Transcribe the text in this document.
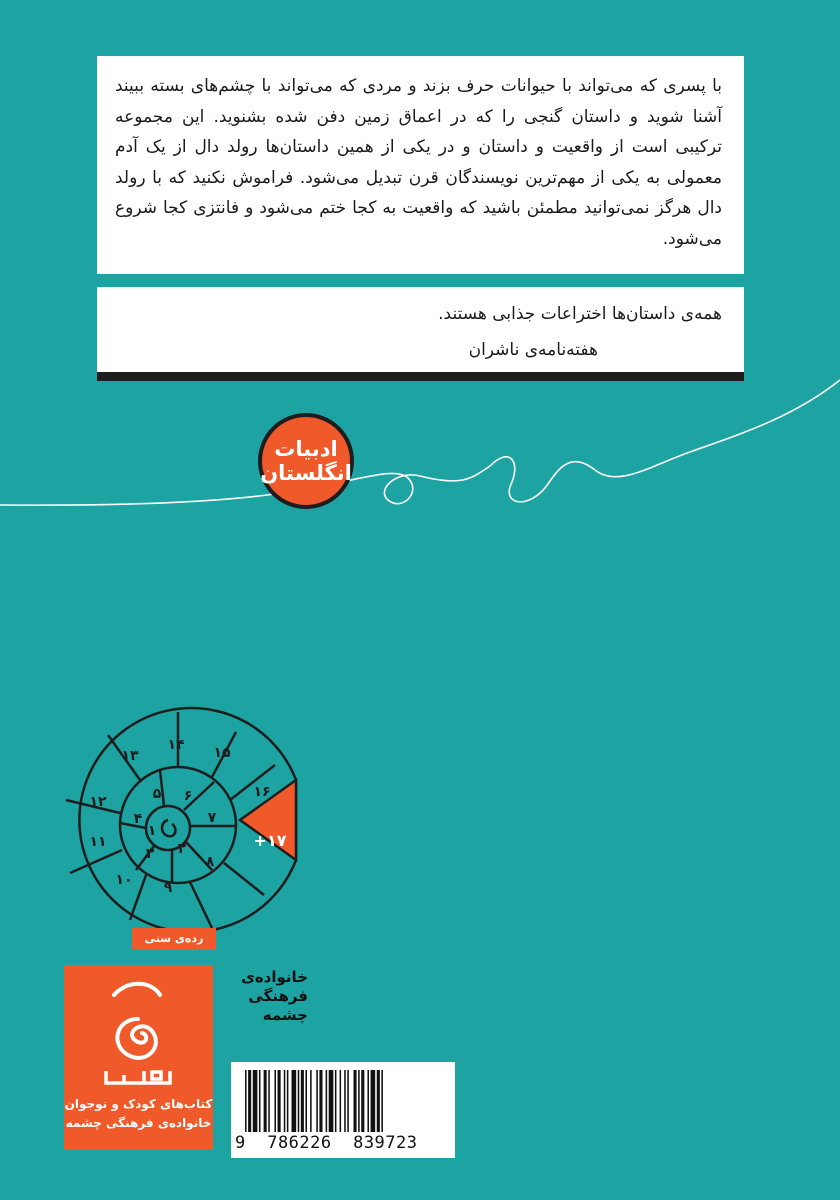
با پسری که می‌تواند با حیوانات حرف بزند و مردی که می‌تواند با چشم‌های بسته ببیند آشنا شوید و داستان گنجی را که در اعماق زمین دفن شده بشنوید. این مجموعه ترکیبی است از واقعیت و داستان و در یکی از همین داستان‌ها رولد دال از یک آدم معمولی به یکی از مهم‌ترین نویسندگان قرن تبدیل می‌شود. فراموش نکنید که با رولد دال هرگز نمی‌توانید مطمئن باشید که واقعیت به کجا ختم می‌شود و فانتزی کجا شروع می‌شود.
همه‌ی داستان‌ها اختراعات جذابی هستند.
هفته‌نامه‌ی ناشران
ادبیات
انگلستان
۱
۲
۳
۴
۵ ۶
۷
۸
۹
۱۰
۱۱
۱۲
۱۳
۱۴ ۱۵
۱۶
+۱۷
رده‌ی سنی
کتاب‌های کودک و نوجوان
خانواده‌ی فرهنگی چشمه
خانواده‌ی
فرهنگی
چشمه
9  786226  839723
